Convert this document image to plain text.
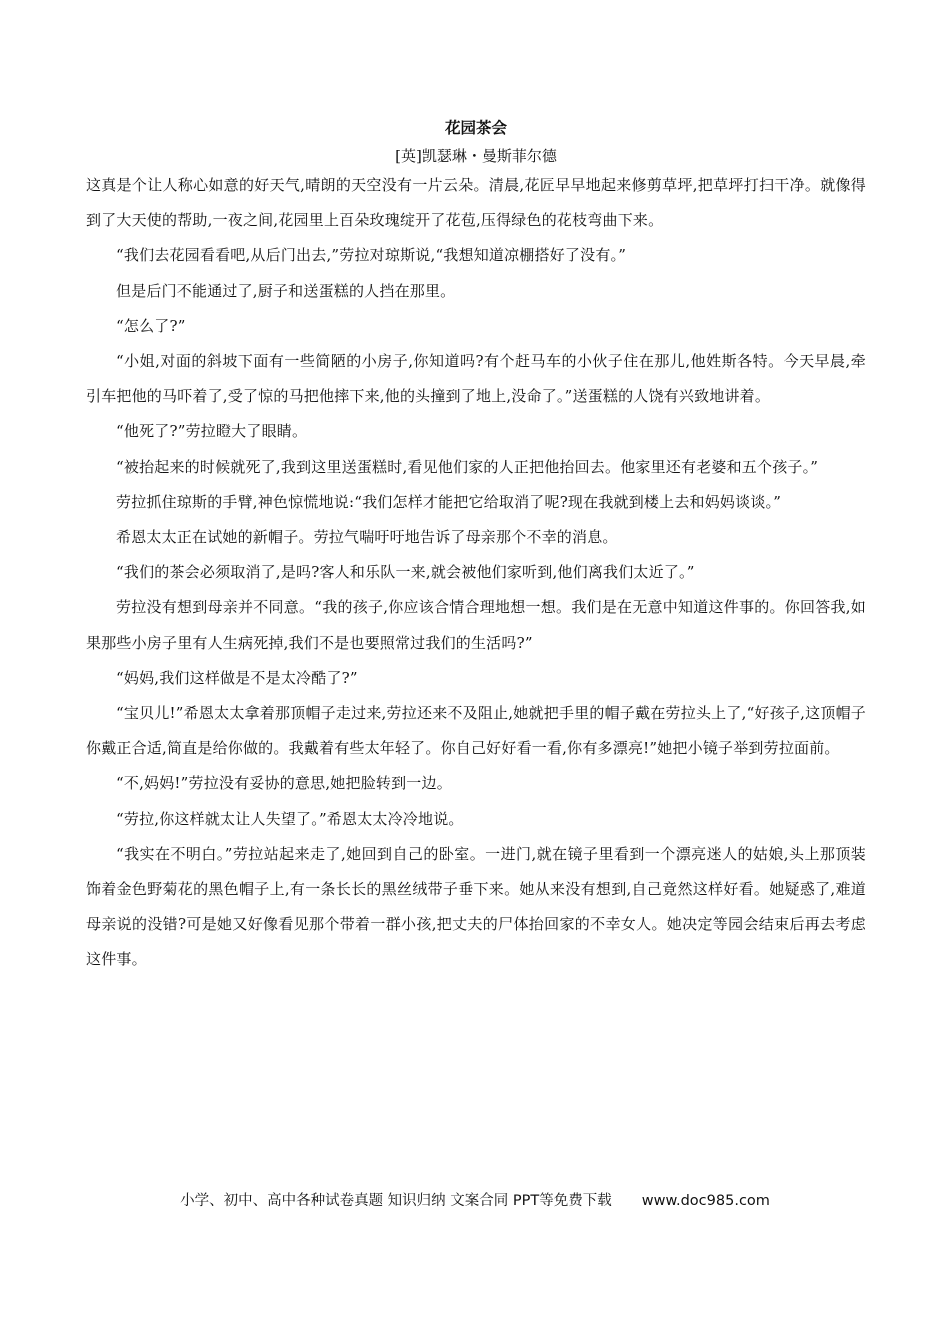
花园茶会
[英]凯瑟琳・曼斯菲尔德

这真是个让人称心如意的好天气,晴朗的天空没有一片云朵。清晨,花匠早早地起来修剪草坪,把草坪打扫干净。就像得到了大天使的帮助,一夜之间,花园里上百朵玫瑰绽开了花苞,压得绿色的花枝弯曲下来。

“我们去花园看看吧,从后门出去,”劳拉对琼斯说,“我想知道凉棚搭好了没有。”

但是后门不能通过了,厨子和送蛋糕的人挡在那里。

“怎么了?”

“小姐,对面的斜坡下面有一些简陋的小房子,你知道吗?有个赶马车的小伙子住在那儿,他姓斯各特。今天早晨,牵引车把他的马吓着了,受了惊的马把他摔下来,他的头撞到了地上,没命了。”送蛋糕的人饶有兴致地讲着。

“他死了?”劳拉瞪大了眼睛。

“被抬起来的时候就死了,我到这里送蛋糕时,看见他们家的人正把他抬回去。他家里还有老婆和五个孩子。”

劳拉抓住琼斯的手臂,神色惊慌地说:“我们怎样才能把它给取消了呢?现在我就到楼上去和妈妈谈谈。”

希恩太太正在试她的新帽子。劳拉气喘吁吁地告诉了母亲那个不幸的消息。

“我们的茶会必须取消了,是吗?客人和乐队一来,就会被他们家听到,他们离我们太近了。”

劳拉没有想到母亲并不同意。“我的孩子,你应该合情合理地想一想。我们是在无意中知道这件事的。你回答我,如果那些小房子里有人生病死掉,我们不是也要照常过我们的生活吗?”

“妈妈,我们这样做是不是太冷酷了?”

“宝贝儿!”希恩太太拿着那顶帽子走过来,劳拉还来不及阻止,她就把手里的帽子戴在劳拉头上了,“好孩子,这顶帽子你戴正合适,简直是给你做的。我戴着有些太年轻了。你自己好好看一看,你有多漂亮!”她把小镜子举到劳拉面前。

“不,妈妈!”劳拉没有妥协的意思,她把脸转到一边。

“劳拉,你这样就太让人失望了。”希恩太太冷冷地说。

“我实在不明白。”劳拉站起来走了,她回到自己的卧室。一进门,就在镜子里看到一个漂亮迷人的姑娘,头上那顶装饰着金色野菊花的黑色帽子上,有一条长长的黑丝绒带子垂下来。她从来没有想到,自己竟然这样好看。她疑惑了,难道母亲说的没错?可是她又好像看见那个带着一群小孩,把丈夫的尸体抬回家的不幸女人。她决定等园会结束后再去考虑这件事。

小学、初中、高中各种试卷真题 知识归纳 文案合同 PPT等免费下载 www.doc985.com
